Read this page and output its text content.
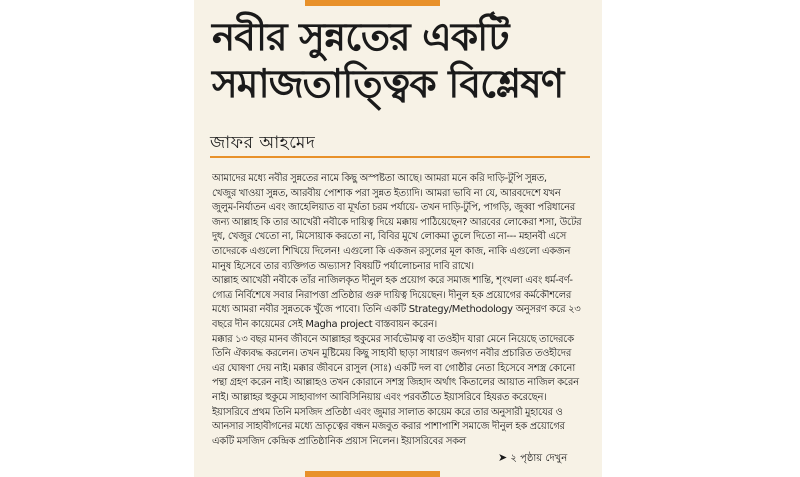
নবীর সুন্নতের একটি
সমাজতাত্ত্বিক বিশ্লেষণ
জাফর আহমেদ
আমাদের মধ্যে নবীর সুন্নতের নামে কিছু অস্পষ্টতা আছে। আমরা মনে করি দাড়ি-টুপি সুন্নত,
খেজুর খাওয়া সুন্নত, আরবীয় পোশাক পরা সুন্নত ইত্যাদি। আমরা ভাবি না যে, আরবদেশে যখন
জুলুম-নির্যাতন এবং জাহেলিয়াত বা মূর্খতা চরম পর্যায়ে- তখন দাড়ি-টুপি, পাগড়ি, জুব্বা পরিধানের
জন্য আল্লাহ কি তার আখেরী নবীকে দায়িত্ব দিয়ে মক্কায় পাঠিয়েছেন? আরবের লোকেরা শসা, উটের
দুধ, খেজুর খেতো না, মিসোয়াক করতো না, বিবির মুখে লোকমা তুলে দিতো না--- মহানবী এসে
তাদেরকে এগুলো শিখিয়ে দিলেন! এগুলো কি একজন রসুলের মূল কাজ, নাকি এগুলো একজন
মানুষ হিসেবে তার ব্যক্তিগত অভ্যাস? বিষয়টি পর্যালোচনার দাবি রাখে।
আল্লাহ আখেরী নবীকে তাঁর নাজিলকৃত দীনুল হক প্রয়োগ করে সমাজ শান্তি, শৃংখলা এবং ধর্ম-বর্ণ-
গোত্র নির্বিশেষে সবার নিরাপত্তা প্রতিষ্ঠার গুরু দায়িত্ব দিয়েছেন। দীনুল হক প্রয়োগের কর্মকৌশলের
মধ্যে আমরা নবীর সুন্নতকে খুঁজে পাবো। তিনি একটি Strategy/Methodology অনুসরণ করে ২৩
বছরে দীন কায়েমের সেই Magha project বাস্তবায়ন করেন।
মক্কার ১৩ বছর মানব জীবনে আল্লাহর হুকুমের সার্বভৌমত্ব বা তওহীদ যারা মেনে নিয়েছে তাদেরকে
তিনি ঐক্যবদ্ধ করলেন। তখন মুষ্টিমেয় কিছু সাহাবী ছাড়া সাধারণ জনগণ নবীর প্রচারিত তওহীদের
এর ঘোষণা দেয় নাই। মক্কার জীবনে রাসুল (সাঃ) একটি দল বা গোষ্ঠীর নেতা হিসেবে সশস্ত্র কোনো
পন্থা গ্রহণ করেন নাই। আল্লাহও তখন কোরানে সশস্ত্র জিহাদ অর্থাৎ কিতালের আয়াত নাজিল করেন
নাই। আল্লাহর হুকুমে সাহাবাগণ আবিসিনিয়ায় এবং পরবর্তীতে ইয়াসরিবে হিযরত করেছেন।
ইয়াসরিবে প্রথম তিনি মসজিদ প্রতিষ্ঠা এবং জুমার সালাত কায়েম করে তার অনুসারী মুহাযের ও
আনসার সাহাবীগনের মধ্যে ভ্রাতৃত্বের বন্ধন মজবুত করার পাশাপাশি সমাজে দীনুল হক প্রয়োগের
একটি মসজিদ কেন্দ্রিক প্রাতিষ্ঠানিক প্রয়াস নিলেন। ইয়াসরিবের সকল
➤ ২ পৃষ্ঠায় দেখুন
